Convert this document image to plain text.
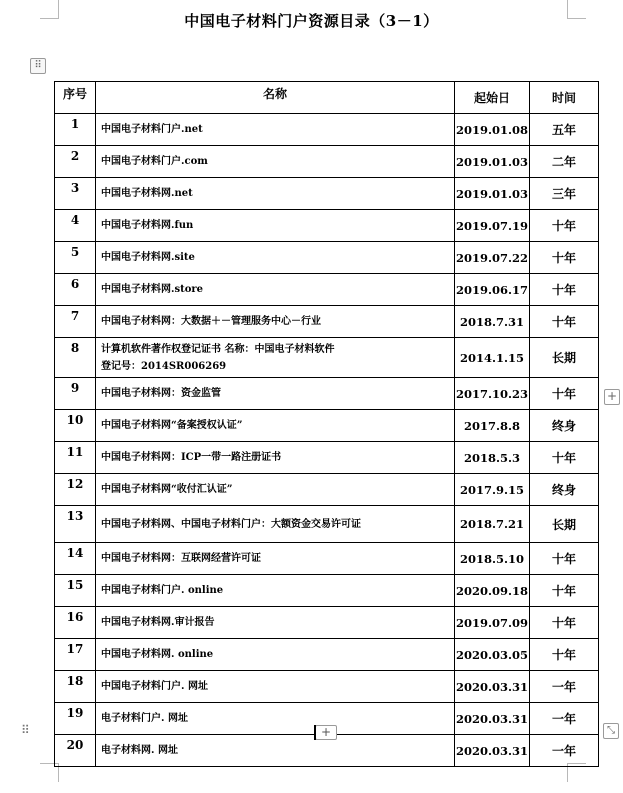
中国电子材料门户资源目录（3－1）
⠿
序号	名称	起始日	时间
1	中国电子材料门户.net	2019.01.08	五年
2	中国电子材料门户.com	2019.01.03	二年
3	中国电子材料网.net	2019.01.03	三年
4	中国电子材料网.fun	2019.07.19	十年
5	中国电子材料网.site	2019.07.22	十年
6	中国电子材料网.store	2019.06.17	十年
7	中国电子材料网：大数据＋－管理服务中心－行业	2018.7.31	十年
8	计算机软件著作权登记证书 名称：中国电子材料软件
登记号：2014SR006269	2014.1.15	长期
9	中国电子材料网：资金监管	2017.10.23	十年
10	中国电子材料网“备案授权认证”	2017.8.8	终身
11	中国电子材料网：ICP一带一路注册证书	2018.5.3	十年
12	中国电子材料网“收付汇认证”	2017.9.15	终身
13	中国电子材料网、中国电子材料门户：大额资金交易许可证	2018.7.21	长期
14	中国电子材料网：互联网经营许可证	2018.5.10	十年
15	中国电子材料门户. online	2020.09.18	十年
16	中国电子材料网.审计报告	2019.07.09	十年
17	中国电子材料网. online	2020.03.05	十年
18	中国电子材料门户. 网址	2020.03.31	一年
19	电子材料门户. 网址	2020.03.31	一年
20	电子材料网. 网址	2020.03.31	一年
+
⠿	+	⤡
